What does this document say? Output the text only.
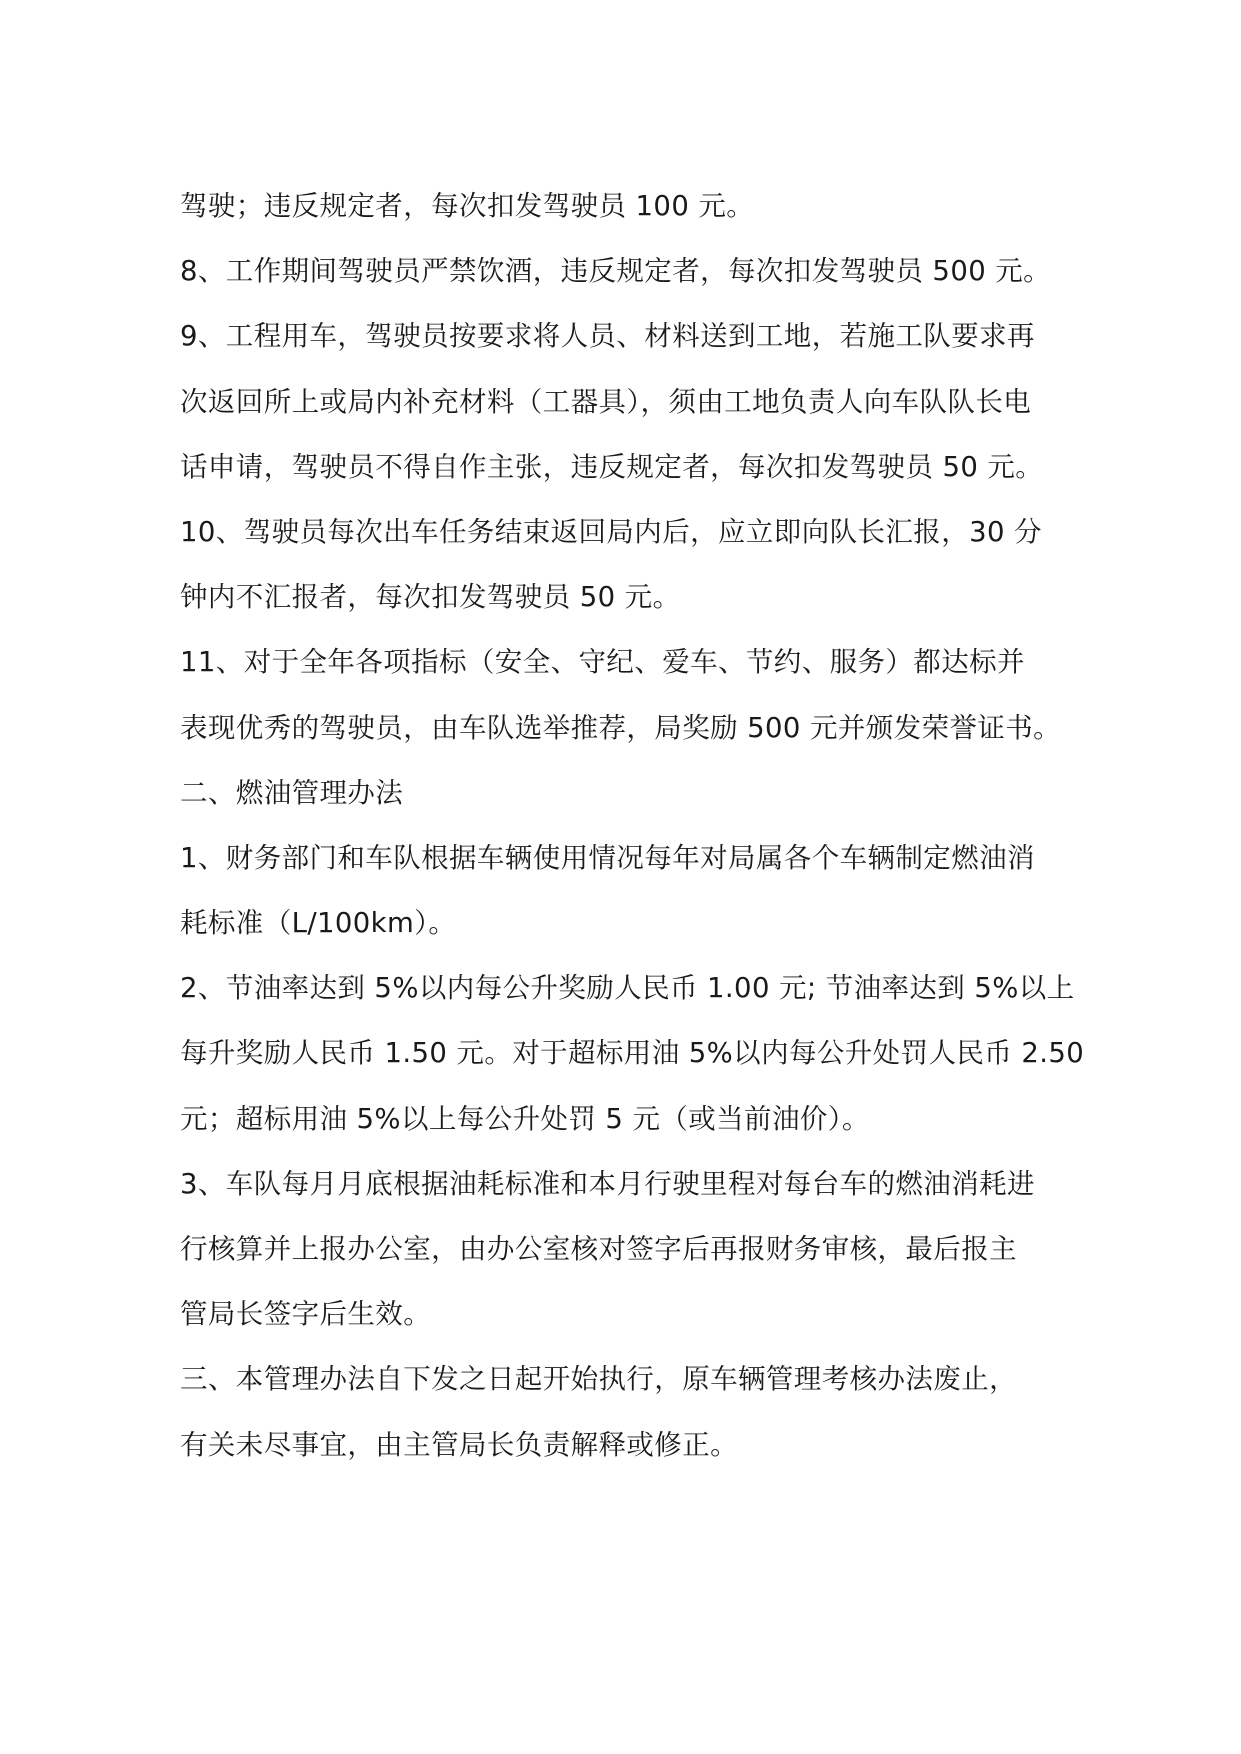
驾驶；违反规定者，每次扣发驾驶员 100 元。
8、工作期间驾驶员严禁饮酒，违反规定者，每次扣发驾驶员 500 元。
9、工程用车，驾驶员按要求将人员、材料送到工地，若施工队要求再
次返回所上或局内补充材料（工器具），须由工地负责人向车队队长电
话申请，驾驶员不得自作主张，违反规定者，每次扣发驾驶员 50 元。
10、驾驶员每次出车任务结束返回局内后，应立即向队长汇报，30 分
钟内不汇报者，每次扣发驾驶员 50 元。
11、对于全年各项指标（安全、守纪、爱车、节约、服务）都达标并
表现优秀的驾驶员，由车队选举推荐，局奖励 500 元并颁发荣誉证书。
二、燃油管理办法
1、财务部门和车队根据车辆使用情况每年对局属各个车辆制定燃油消
耗标准（L/100km）。
2、节油率达到 5%以内每公升奖励人民币 1.00 元; 节油率达到 5%以上
每升奖励人民币 1.50 元。对于超标用油 5%以内每公升处罚人民币 2.50
元；超标用油 5%以上每公升处罚 5 元（或当前油价）。
3、车队每月月底根据油耗标准和本月行驶里程对每台车的燃油消耗进
行核算并上报办公室，由办公室核对签字后再报财务审核，最后报主
管局长签字后生效。
三、本管理办法自下发之日起开始执行，原车辆管理考核办法废止，
有关未尽事宜，由主管局长负责解释或修正。
